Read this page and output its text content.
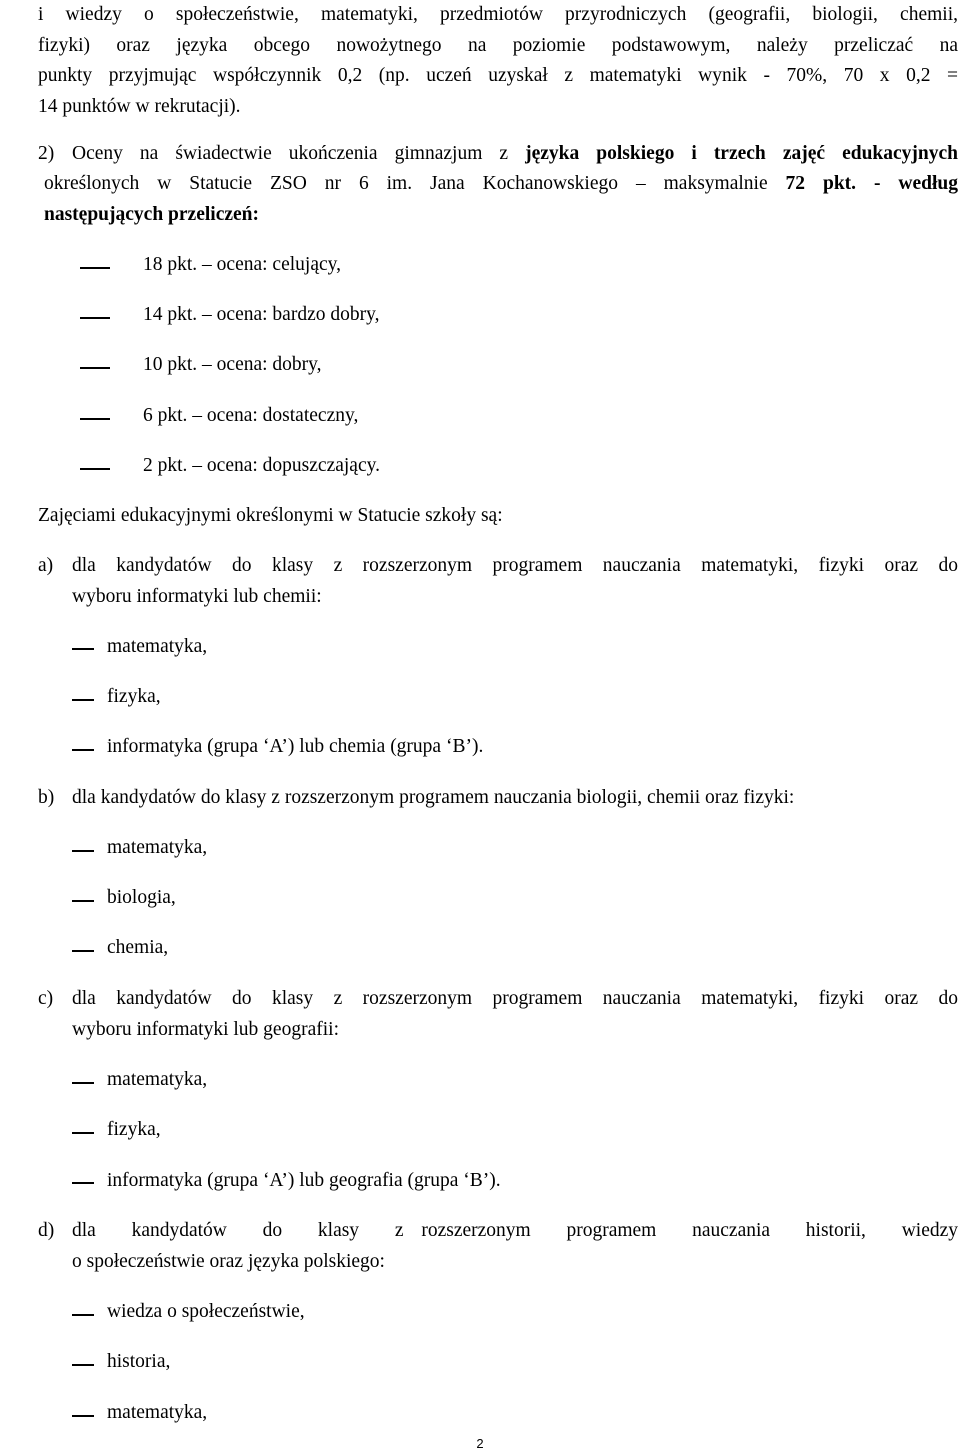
i wiedzy o społeczeństwie, matematyki, przedmiotów przyrodniczych (geografii, biologii, chemii,
fizyki) oraz języka obcego nowożytnego na poziomie podstawowym, należy przeliczać na
punkty przyjmując współczynnik 0,2 (np. uczeń uzyskał z matematyki wynik - 70%, 70 x 0,2 =
14 punktów w rekrutacji).
2) Oceny na świadectwie ukończenia gimnazjum z języka polskiego i trzech zajęć edukacyjnych
określonych w Statucie ZSO nr 6 im. Jana Kochanowskiego – maksymalnie 72 pkt. - według
następujących przeliczeń:
18 pkt. – ocena: celujący,
14 pkt. – ocena: bardzo dobry,
10 pkt. – ocena: dobry,
6 pkt. – ocena: dostateczny,
2 pkt. – ocena: dopuszczający.
Zajęciami edukacyjnymi określonymi w Statucie szkoły są:
a) dla kandydatów do klasy z rozszerzonym programem nauczania matematyki, fizyki oraz do
wyboru informatyki lub chemii:
matematyka,
fizyka,
informatyka (grupa ‘A’) lub chemia (grupa ‘B’).
b) dla kandydatów do klasy z rozszerzonym programem nauczania biologii, chemii oraz fizyki:
matematyka,
biologia,
chemia,
c) dla kandydatów do klasy z rozszerzonym programem nauczania matematyki, fizyki oraz do
wyboru informatyki lub geografii:
matematyka,
fizyka,
informatyka (grupa ‘A’) lub geografia (grupa ‘B’).
d) dla  kandydatów  do  klasy  z rozszerzonym  programem  nauczania  historii,  wiedzy
o społeczeństwie oraz języka polskiego:
wiedza o społeczeństwie,
historia,
matematyka,
2
